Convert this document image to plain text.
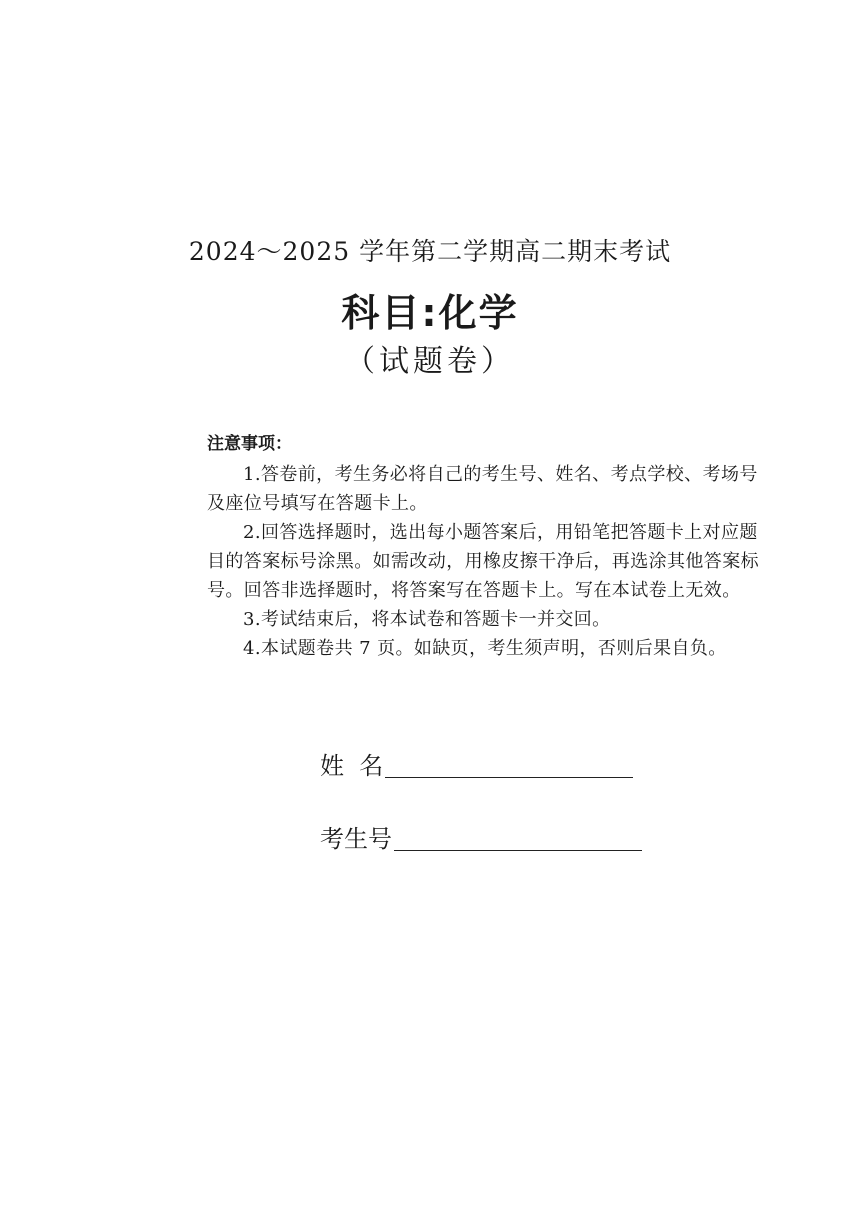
2024～2025 学年第二学期高二期末考试
科目:化学
（试题卷）
注意事项：

1.答卷前，考生务必将自己的考生号、姓名、考点学校、考场号及座位号填写在答题卡上。

2.回答选择题时，选出每小题答案后，用铅笔把答题卡上对应题目的答案标号涂黑。如需改动，用橡皮擦干净后，再选涂其他答案标号。回答非选择题时，将答案写在答题卡上。写在本试卷上无效。

3.考试结束后，将本试卷和答题卡一并交回。

4.本试题卷共 7 页。如缺页，考生须声明，否则后果自负。

姓  名
考生号
